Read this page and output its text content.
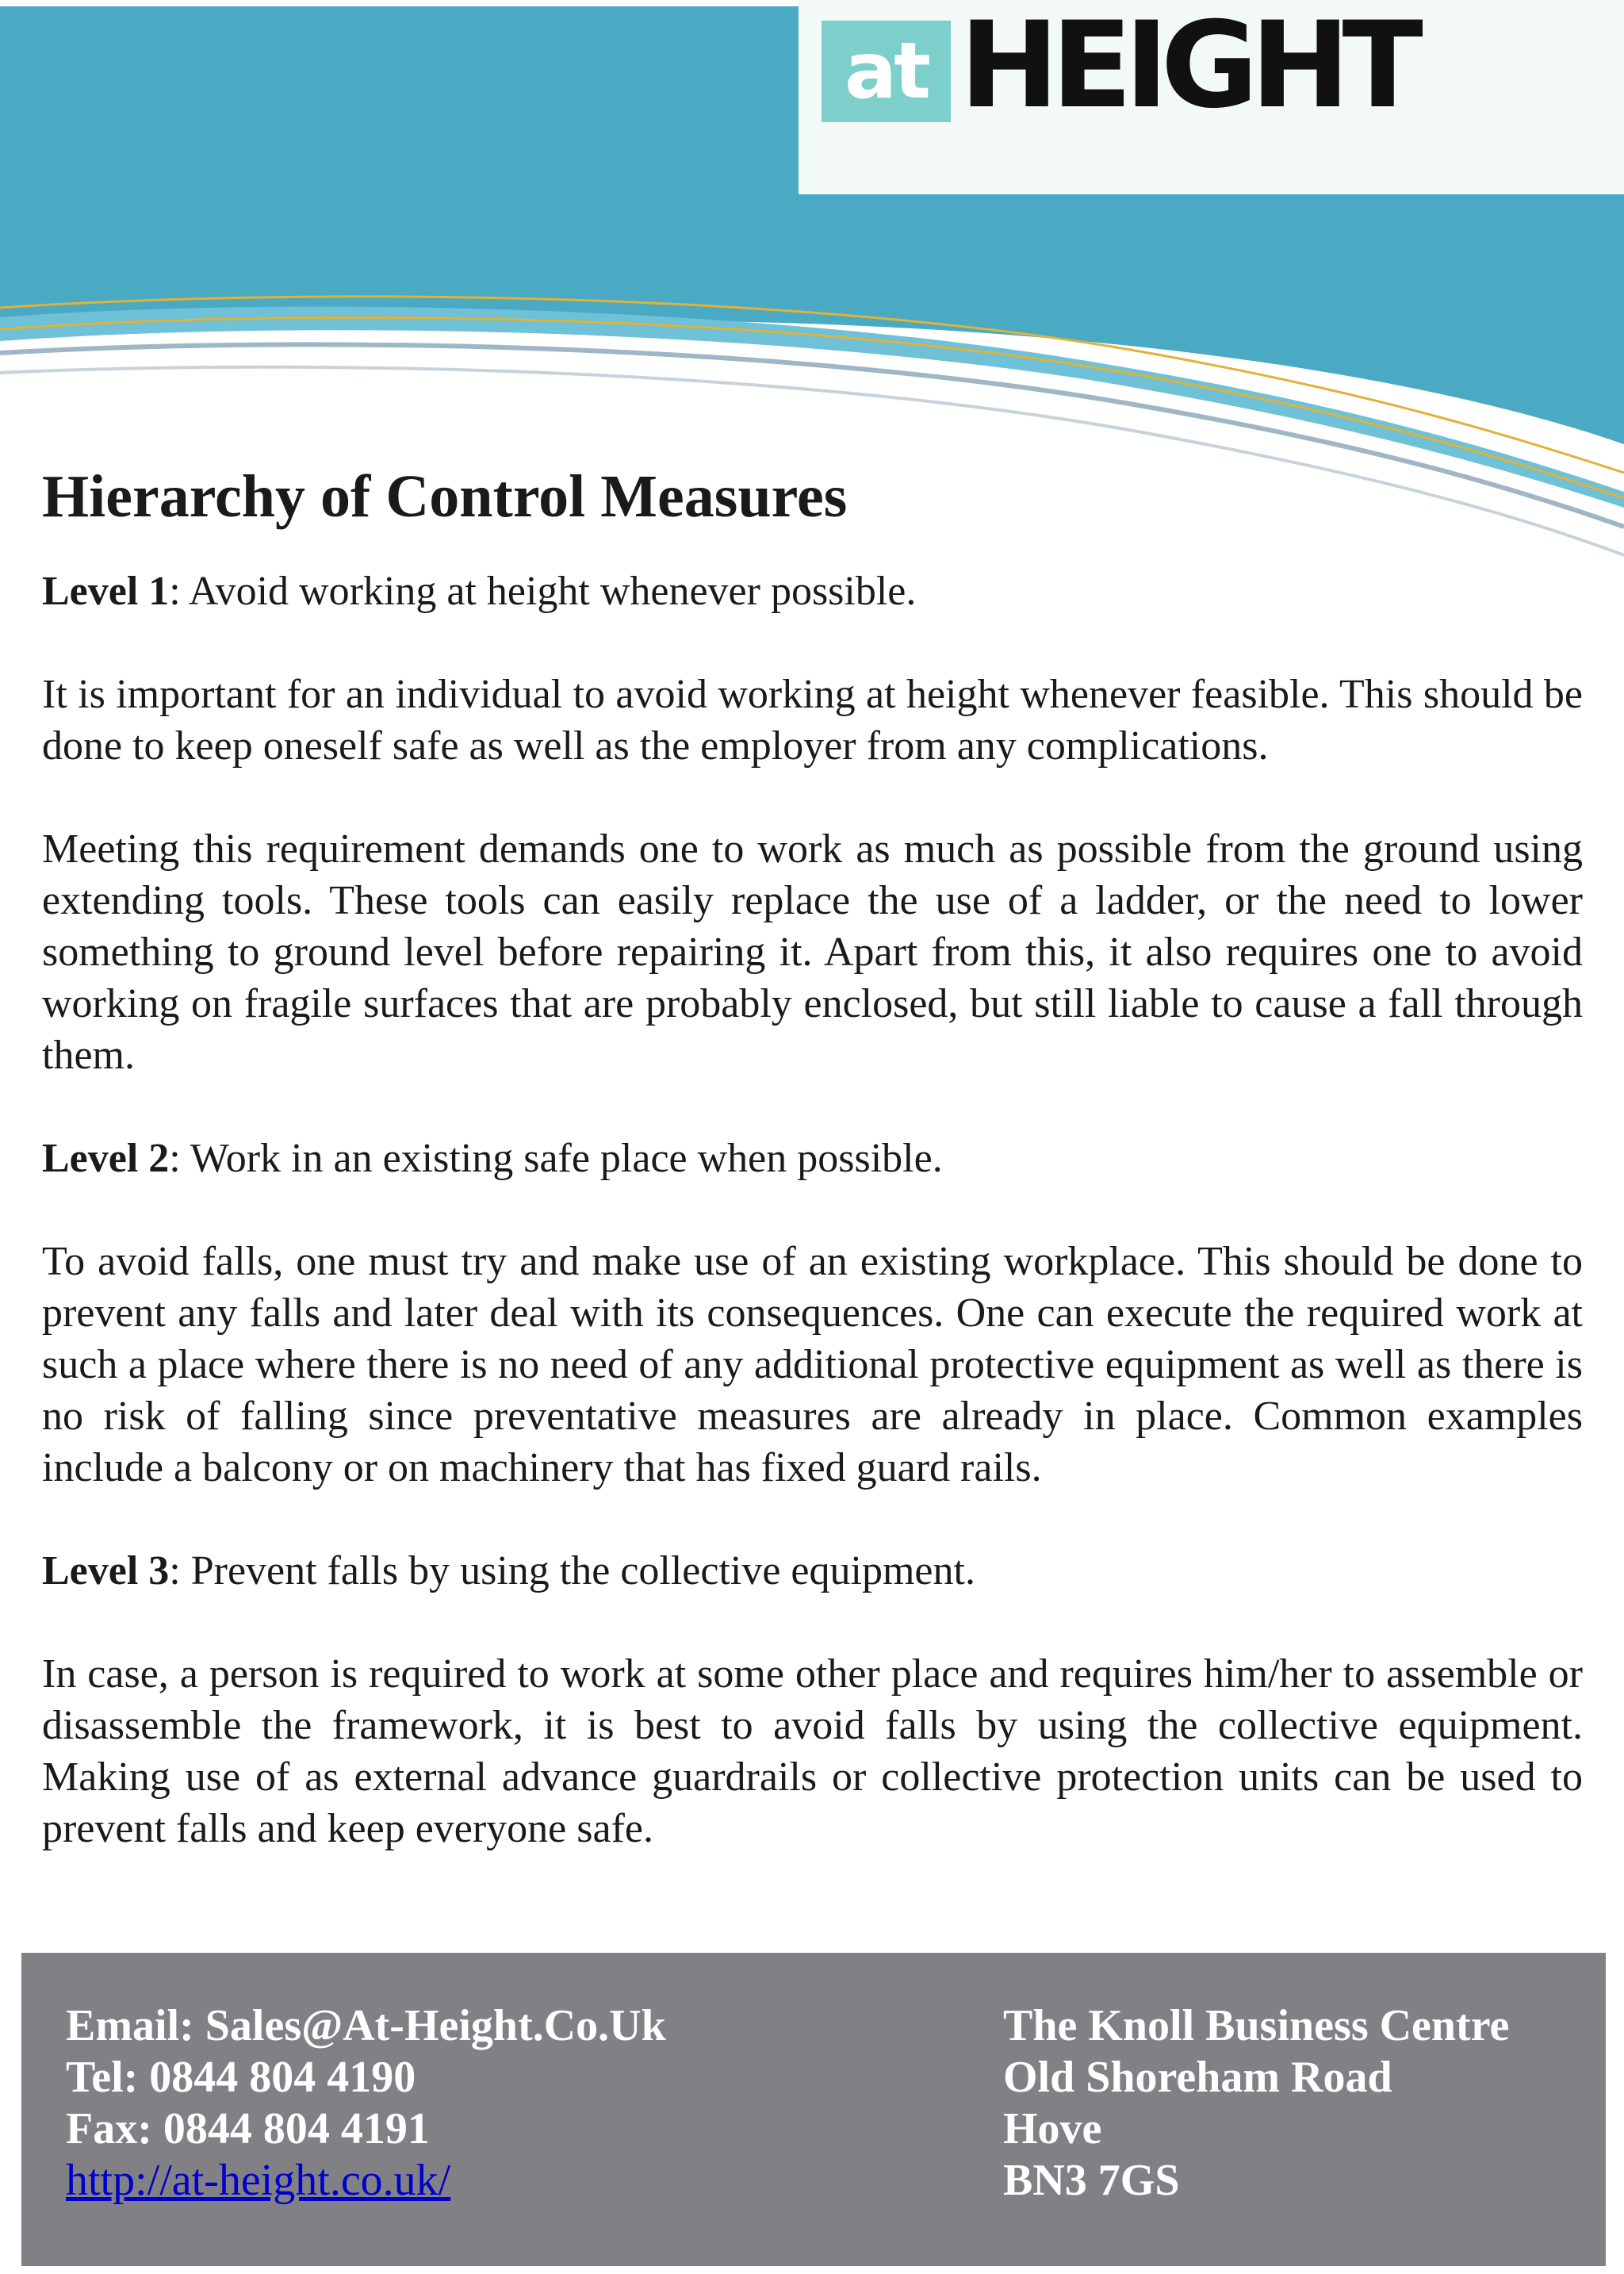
at HEIGHT
Hierarchy of Control Measures

Level 1: Avoid working at height whenever possible.

It is important for an individual to avoid working at height whenever feasible. This should be done to keep oneself safe as well as the employer from any complications.

Meeting this requirement demands one to work as much as possible from the ground using extending tools. These tools can easily replace the use of a ladder, or the need to lower something to ground level before repairing it. Apart from this, it also requires one to avoid working on fragile surfaces that are probably enclosed, but still liable to cause a fall through them.

Level 2: Work in an existing safe place when possible.

To avoid falls, one must try and make use of an existing workplace. This should be done to prevent any falls and later deal with its consequences. One can execute the required work at such a place where there is no need of any additional protective equipment as well as there is no risk of falling since preventative measures are already in place. Common examples include a balcony or on machinery that has fixed guard rails.

Level 3: Prevent falls by using the collective equipment.

In case, a person is required to work at some other place and requires him/her to assemble or disassemble the framework, it is best to avoid falls by using the collective equipment. Making use of as external advance guardrails or collective protection units can be used to prevent falls and keep everyone safe.

Email: Sales@At-Height.Co.Uk
Tel: 0844 804 4190
Fax: 0844 804 4191
http://at-height.co.uk/
The Knoll Business Centre
Old Shoreham Road
Hove
BN3 7GS
